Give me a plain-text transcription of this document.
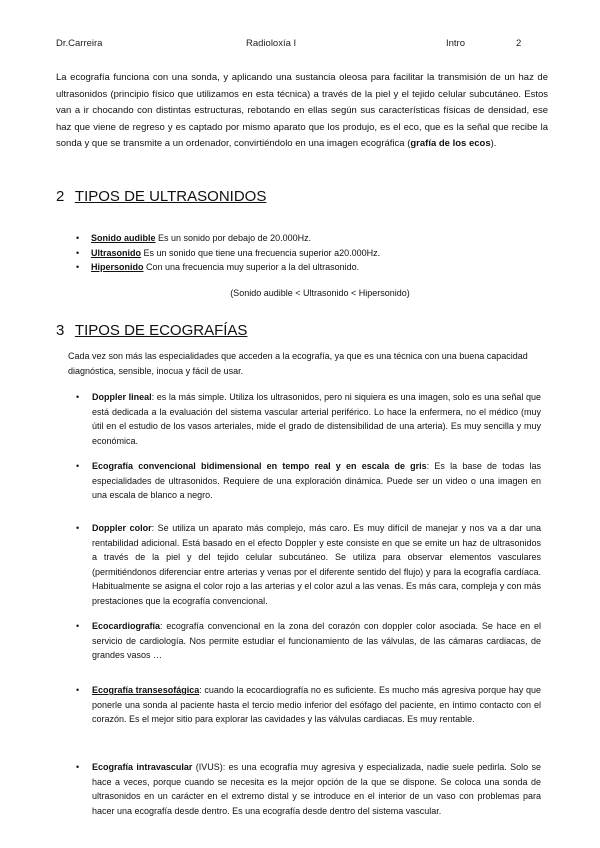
Dr.Carreira	Radioloxía I	Intro	2

La ecografía funciona con una sonda, y aplicando una sustancia oleosa para facilitar la transmisión de un haz de ultrasonidos (principio físico que utilizamos en esta técnica) a través de la piel y el tejido celular subcutáneo. Estos van a ir chocando con distintas estructuras, rebotando en ellas según sus características físicas de densidad, ese haz que viene de regreso y es captado por mismo aparato que los produjo, es el eco, que es la señal que recibe la sonda y que se transmite a un ordenador, convirtiéndolo en una imagen ecográfica (grafía de los ecos).

2 TIPOS DE ULTRASONIDOS
• Sonido audible Es un sonido por debajo de 20.000Hz.
• Ultrasonido Es un sonido que tiene una frecuencia superior a20.000Hz.
• Hipersonido Con una frecuencia muy superior a la del ultrasonido.
(Sonido audible < Ultrasonido < Hipersonido)
3 TIPOS DE ECOGRAFÍAS

Cada vez son más las especialidades que acceden a la ecografía, ya que es una técnica con una buena capacidad diagnóstica, sensible, inocua y fácil de usar.

• Doppler lineal: es la más simple. Utiliza los ultrasonidos, pero ni siquiera es una imagen, solo es una señal que está dedicada a la evaluación del sistema vascular arterial periférico. Lo hace la enfermera, no el médico (muy útil en el estudio de los vasos arteriales, mide el grado de distensibilidad de una arteria). Es muy sencilla y muy económica.

• Ecografía convencional bidimensional en tempo real y en escala de gris: Es la base de todas las especialidades de ultrasonidos. Requiere de una exploración dinámica. Puede ser un video o una imagen en una escala de blanco a negro.

• Doppler color: Se utiliza un aparato más complejo, más caro. Es muy difícil de manejar y nos va a dar una rentabilidad adicional. Está basado en el efecto Doppler y este consiste en que se emite un haz de ultrasonidos a través de la piel y del tejido celular subcutáneo. Se utiliza para observar elementos vasculares (permitiéndonos diferenciar entre arterias y venas por el diferente sentido del flujo) y para la ecografía cardíaca. Habitualmente se asigna el color rojo a las arterias y el color azul a las venas. Es más cara, compleja y con más prestaciones que la ecografía convencional.

• Ecocardiografía: ecografía convencional en la zona del corazón con doppler color asociada. Se hace en el servicio de cardiología. Nos permite estudiar el funcionamiento de las válvulas, de las cámaras cardiacas, de grandes vasos …

• Ecografía transesofágica: cuando la ecocardiografía no es suficiente. Es mucho más agresiva porque hay que ponerle una sonda al paciente hasta el tercio medio inferior del esófago del paciente, en íntimo contacto con el corazón. Es el mejor sitio para explorar las cavidades y las válvulas cardiacas. Es muy rentable.

• Ecografía intravascular (IVUS): es una ecografía muy agresiva y especializada, nadie suele pedirla. Solo se hace a veces, porque cuando se necesita es la mejor opción de la que se dispone. Se coloca una sonda de ultrasonidos en un carácter en el extremo distal y se introduce en el interior de un vaso con problemas para hacer una ecografía desde dentro. Es una ecografía desde dentro del sistema vascular.
